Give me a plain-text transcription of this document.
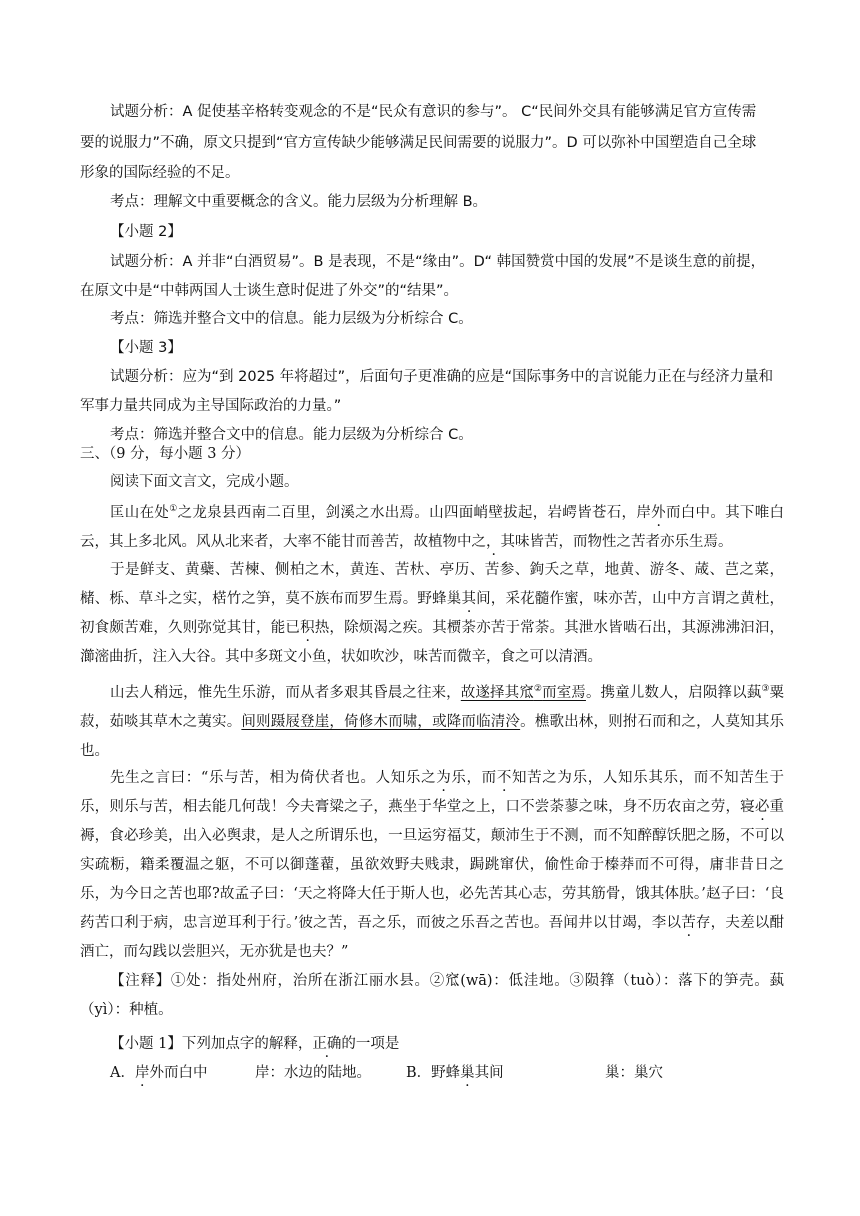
试题分析：A 促使基辛格转变观念的不是“民众有意识的参与”。 C“民间外交具有能够满足官方宣传需
要的说服力”不确，原文只提到“官方宣传缺少能够满足民间需要的说服力”。D 可以弥补中国塑造自己全球
形象的国际经验的不足。
考点：理解文中重要概念的含义。能力层级为分析理解 B。
【小题 2】
试题分析：A 并非“白酒贸易”。B 是表现，不是“缘由”。D“ 韩国赞赏中国的发展”不是谈生意的前提，
在原文中是“中韩两国人士谈生意时促进了外交”的“结果”。
考点：筛选并整合文中的信息。能力层级为分析综合 C。
【小题 3】
试题分析：应为“到 2025 年将超过”，后面句子更准确的应是“国际事务中的言说能力正在与经济力量和
军事力量共同成为主导国际政治的力量。”
考点：筛选并整合文中的信息。能力层级为分析综合 C。
三、（9 分，每小题 3 分）
阅读下面文言文，完成小题。
匡山在处①之龙泉县西南二百里，剑溪之水出焉。山四面峭壁拔起，岩崿皆苍石，岸外而白中。其下唯白云，其上多北风。风从北来者，大率不能甘而善苦，故植物中之，其味皆苦，而物性之苦者亦乐生焉。
于是鲜支、黄蘗、苦楝、侧柏之木，黄连、苦杕、亭历、苦参、鉤夭之草，地黄、游冬、葴、芑之菜，槠、栎、草斗之实，楛竹之笋，莫不族布而罗生焉。野蜂巢其间，采花髓作蜜，味亦苦，山中方言谓之黄杜，初食颇苦难，久则弥觉其甘，能已积热，除烦渴之疾。其槚荼亦苦于常荼。其泄水皆啮石出，其源沸沸汩汩，瀄滵曲折，注入大谷。其中多斑文小鱼，状如吹沙，味苦而微辛，食之可以清酒。
山去人稍远，惟先生乐游，而从者多艰其昏晨之往来，故遂择其窊②而室焉。携童儿数人，启陨箨以蓺③粟菽，茹啖其草木之荑实。间则蹑屐登崖，倚修木而啸，或降而临清泠。樵歌出林，则拊石而和之，人莫知其乐也。
先生之言曰：“乐与苦，相为倚伏者也。人知乐之为乐，而不知苦之为乐，人知乐其乐，而不知苦生于乐，则乐与苦，相去能几何哉！今夫膏粱之子，燕坐于华堂之上，口不尝荼蓼之味，身不历农亩之劳，寝必重褥，食必珍美，出入必舆隶，是人之所谓乐也，一旦运穷福艾，颠沛生于不测，而不知醉醇饫肥之肠，不可以实疏粝，籍柔覆温之躯，不可以御蓬藋，虽欲效野夫贱隶，跼跳窜伏，偷性命于榛莽而不可得，庸非昔日之乐，为今日之苦也耶?故孟子曰：‘天之将降大任于斯人也，必先苦其心志，劳其筋骨，饿其体肤。’赵子曰：‘良药苦口利于病，忠言逆耳利于行。’彼之苦，吾之乐，而彼之乐吾之苦也。吾闻井以甘竭，李以苦存，夫差以酣酒亡，而勾践以尝胆兴，无亦犹是也夫？”
【注释】①处：指处州府，治所在浙江丽水县。②窊(wā)：低洼地。③陨箨（tuò）：落下的笋壳。蓺（yì）：种植。
【小题 1】下列加点字的解释，正确的一项是
A．岸外而白中	岸：水边的陆地。 B．野蜂巢其间	巢：巢穴
